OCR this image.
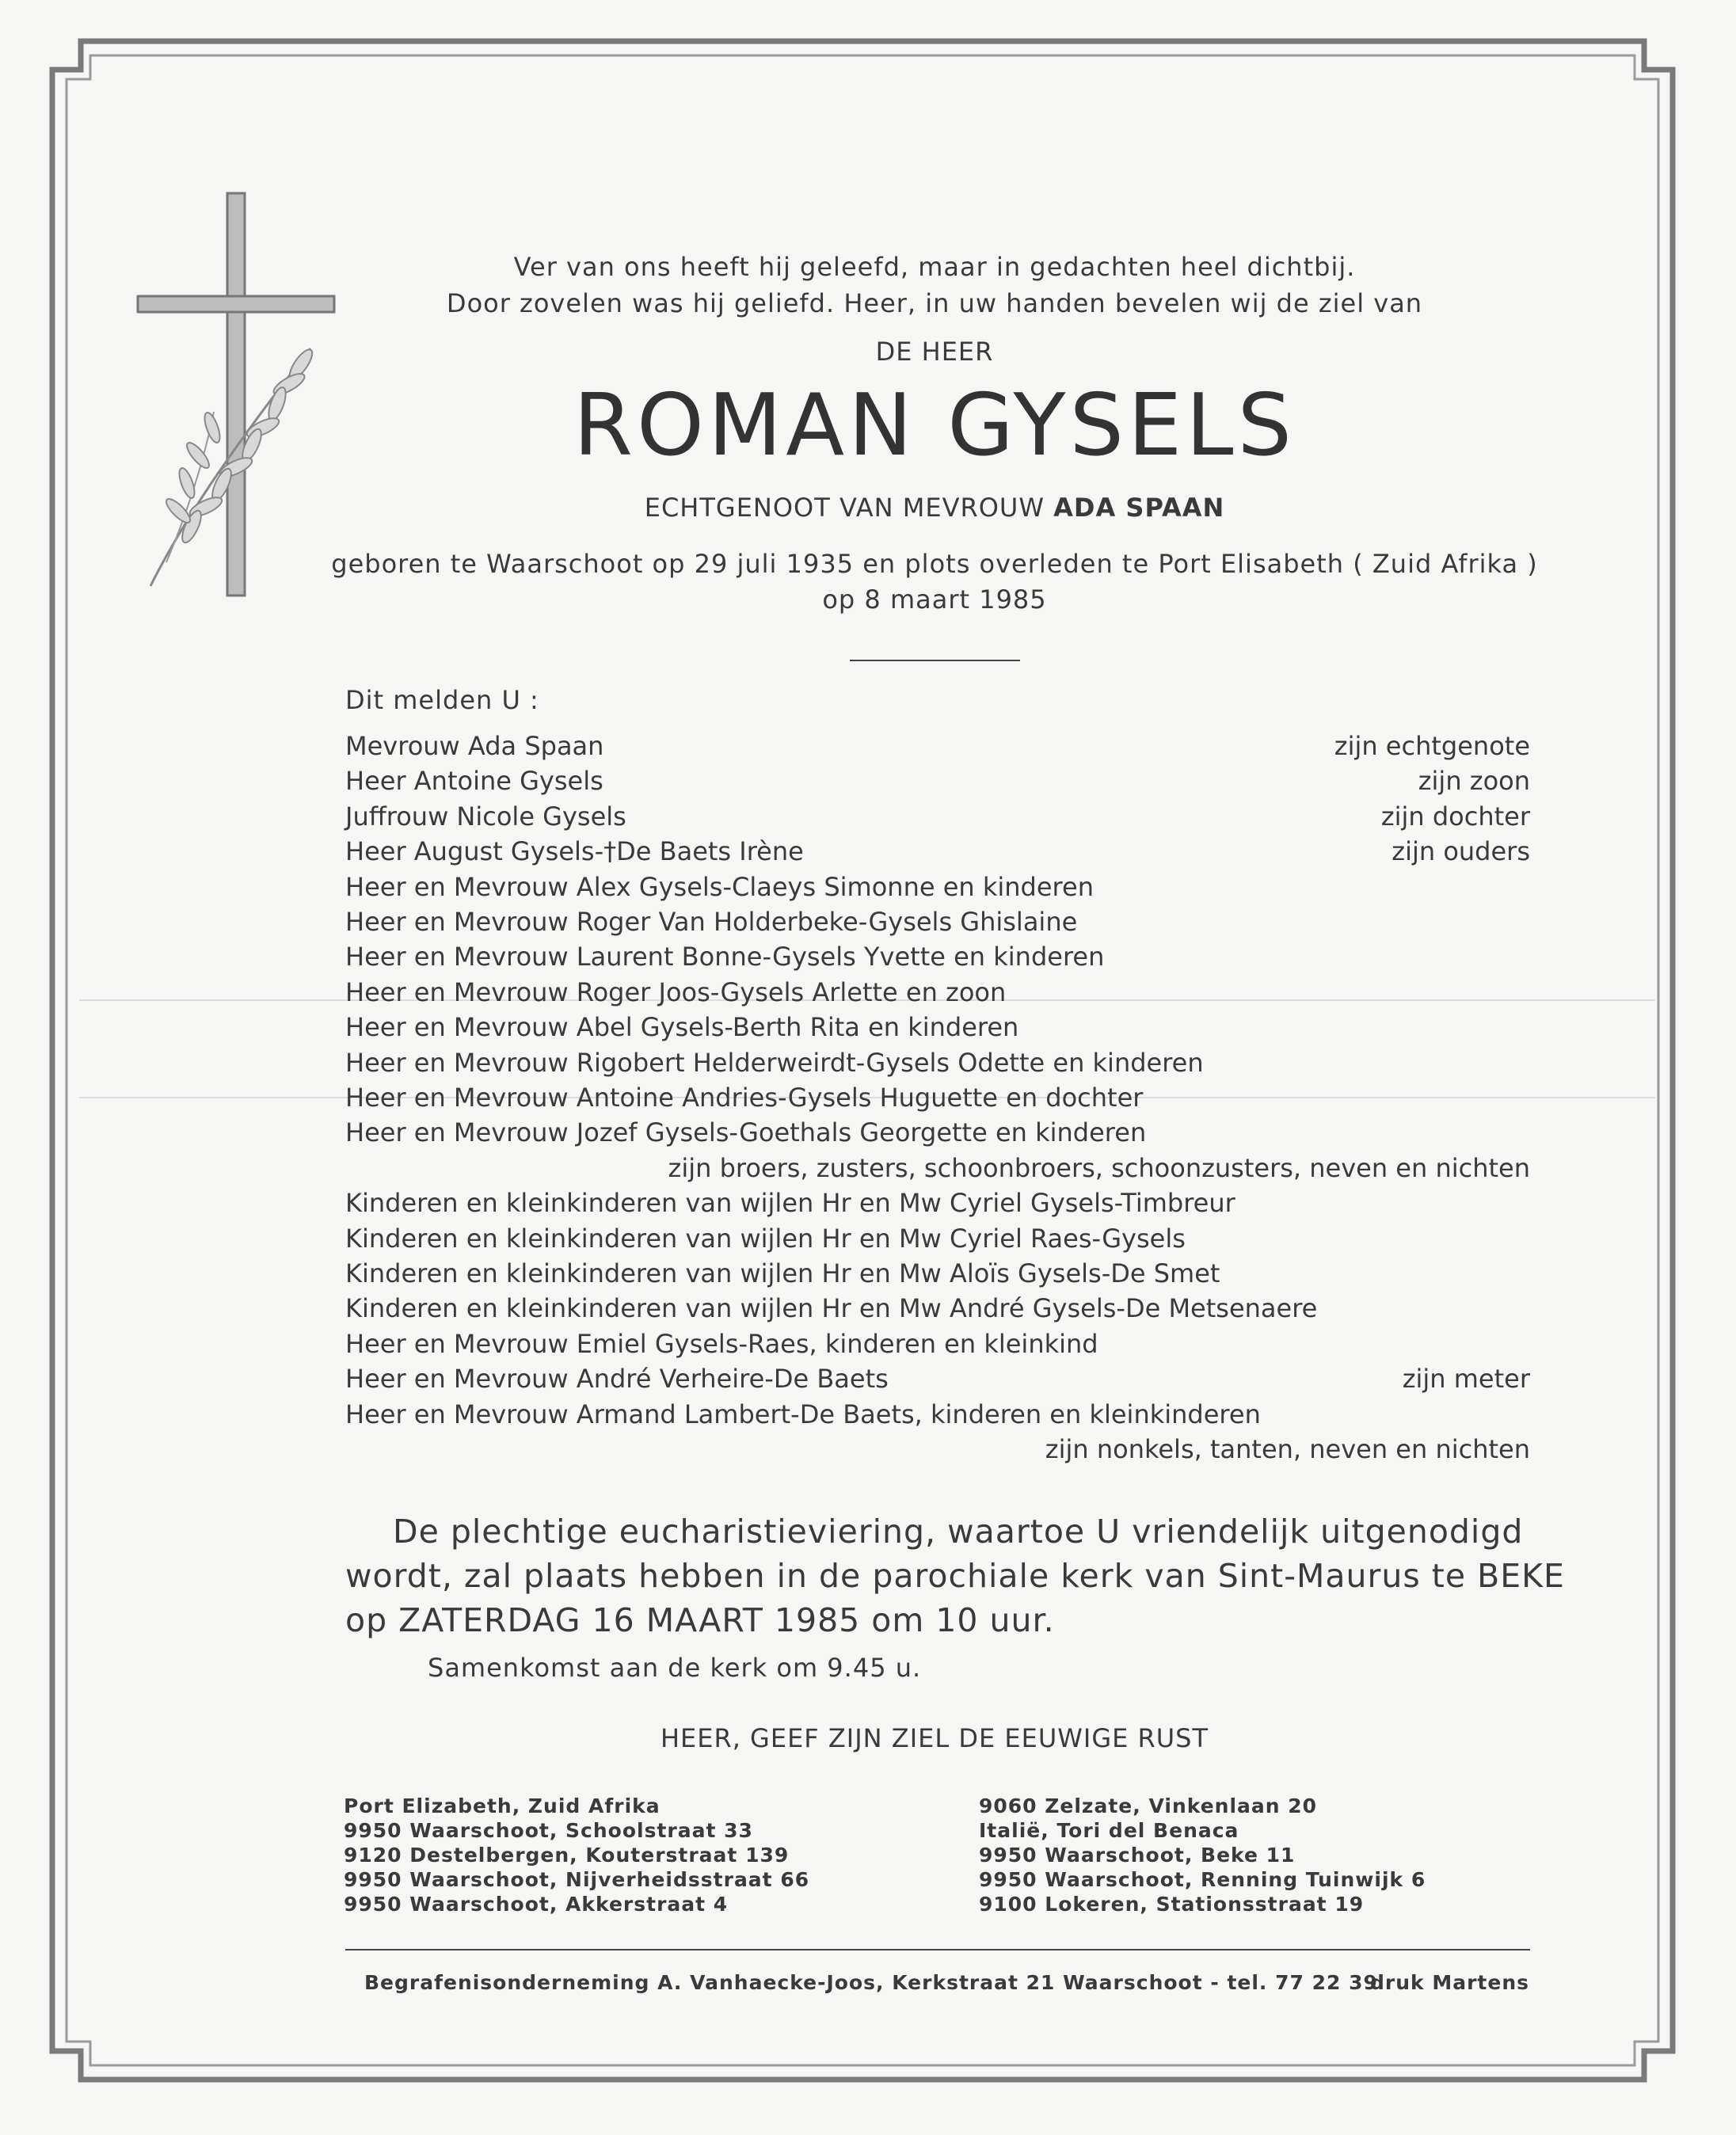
Ver van ons heeft hij geleefd, maar in gedachten heel dichtbij.
Door zovelen was hij geliefd. Heer, in uw handen bevelen wij de ziel van
DE HEER
ROMAN GYSELS
ECHTGENOOT VAN MEVROUW ADA SPAAN
geboren te Waarschoot op 29 juli 1935 en plots overleden te Port Elisabeth ( Zuid Afrika )
op 8 maart 1985
Dit melden U :
Mevrouw Ada Spaan	zijn echtgenote
Heer Antoine Gysels	zijn zoon
Juffrouw Nicole Gysels	zijn dochter
Heer August Gysels-†De Baets Irène	zijn ouders
Heer en Mevrouw Alex Gysels-Claeys Simonne en kinderen
Heer en Mevrouw Roger Van Holderbeke-Gysels Ghislaine
Heer en Mevrouw Laurent Bonne-Gysels Yvette en kinderen
Heer en Mevrouw Roger Joos-Gysels Arlette en zoon
Heer en Mevrouw Abel Gysels-Berth Rita en kinderen
Heer en Mevrouw Rigobert Helderweirdt-Gysels Odette en kinderen
Heer en Mevrouw Antoine Andries-Gysels Huguette en dochter
Heer en Mevrouw Jozef Gysels-Goethals Georgette en kinderen
zijn broers, zusters, schoonbroers, schoonzusters, neven en nichten
Kinderen en kleinkinderen van wijlen Hr en Mw Cyriel Gysels-Timbreur
Kinderen en kleinkinderen van wijlen Hr en Mw Cyriel Raes-Gysels
Kinderen en kleinkinderen van wijlen Hr en Mw Aloïs Gysels-De Smet
Kinderen en kleinkinderen van wijlen Hr en Mw André Gysels-De Metsenaere
Heer en Mevrouw Emiel Gysels-Raes, kinderen en kleinkind
Heer en Mevrouw André Verheire-De Baets	zijn meter
Heer en Mevrouw Armand Lambert-De Baets, kinderen en kleinkinderen
zijn nonkels, tanten, neven en nichten
De plechtige eucharistieviering, waartoe U vriendelijk uitgenodigd
wordt, zal plaats hebben in de parochiale kerk van Sint-Maurus te BEKE
op ZATERDAG 16 MAART 1985 om 10 uur.
Samenkomst aan de kerk om 9.45 u.
HEER, GEEF ZIJN ZIEL DE EEUWIGE RUST
Port Elizabeth, Zuid Afrika
9950 Waarschoot, Schoolstraat 33
9120 Destelbergen, Kouterstraat 139
9950 Waarschoot, Nijverheidsstraat 66
9950 Waarschoot, Akkerstraat 4
9060 Zelzate, Vinkenlaan 20
Italië, Tori del Benaca
9950 Waarschoot, Beke 11
9950 Waarschoot, Renning Tuinwijk 6
9100 Lokeren, Stationsstraat 19
Begrafenisonderneming A. Vanhaecke-Joos, Kerkstraat 21 Waarschoot - tel. 77 22 39
druk Martens
